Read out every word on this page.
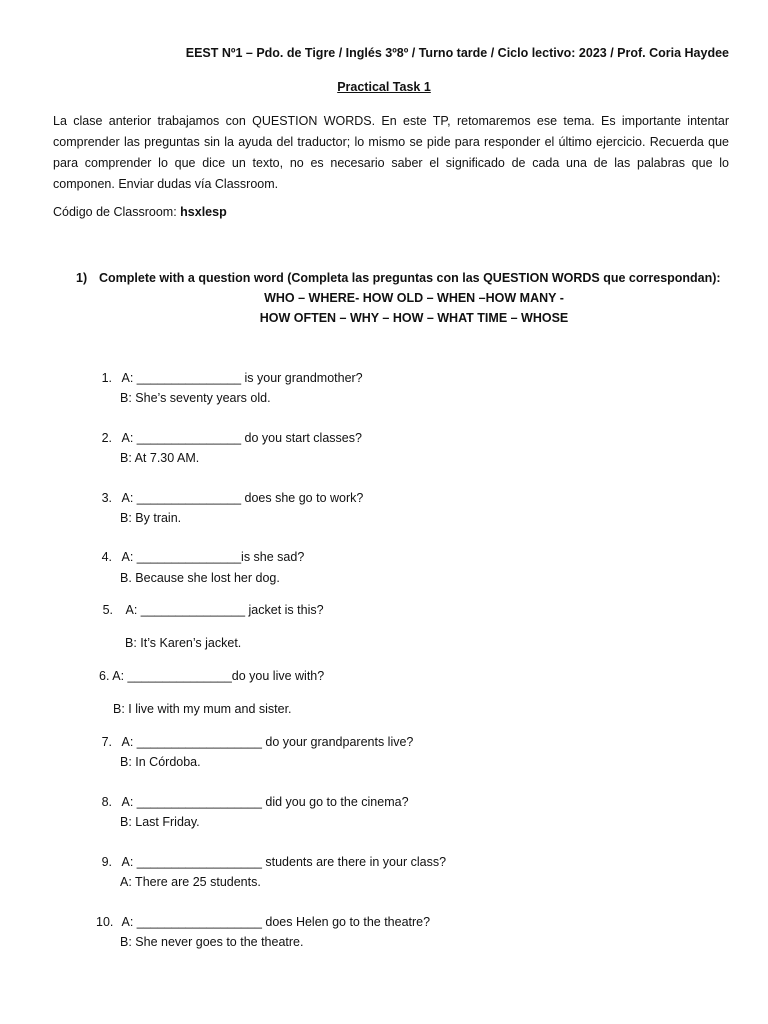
EEST Nº1 – Pdo. de Tigre / Inglés 3º8º / Turno tarde / Ciclo lectivo: 2023 / Prof. Coria Haydee
Practical Task 1
La clase anterior trabajamos con QUESTION WORDS. En este TP, retomaremos ese tema. Es importante intentar
comprender las preguntas sin la ayuda del traductor; lo mismo se pide para responder el último ejercicio. Recuerda que
para comprender lo que dice un texto, no es necesario saber el significado de cada una de las palabras que lo
componen. Enviar dudas vía Classroom.
Código de Classroom: hsxlesp
1) Complete with a question word (Completa las preguntas con las QUESTION WORDS que correspondan):
WHO – WHERE- HOW OLD – WHEN –HOW MANY -
HOW OFTEN – WHY – HOW – WHAT TIME – WHOSE
1. A: _______________ is your grandmother?
B: She’s seventy years old.
2. A: _______________ do you start classes?
B: At 7.30 AM.
3. A: _______________ does she go to work?
B: By train.
4. A: _______________is she sad?
B. Because she lost her dog.
5. A: _______________ jacket is this?
B: It’s Karen’s jacket.
6. A: _______________do you live with?
B: I live with my mum and sister.
7. A: __________________ do your grandparents live?
B: In Córdoba.
8. A: __________________ did you go to the cinema?
B: Last Friday.
9. A: __________________ students are there in your class?
A: There are 25 students.
10. A: __________________ does Helen go to the theatre?
B: She never goes to the theatre.
